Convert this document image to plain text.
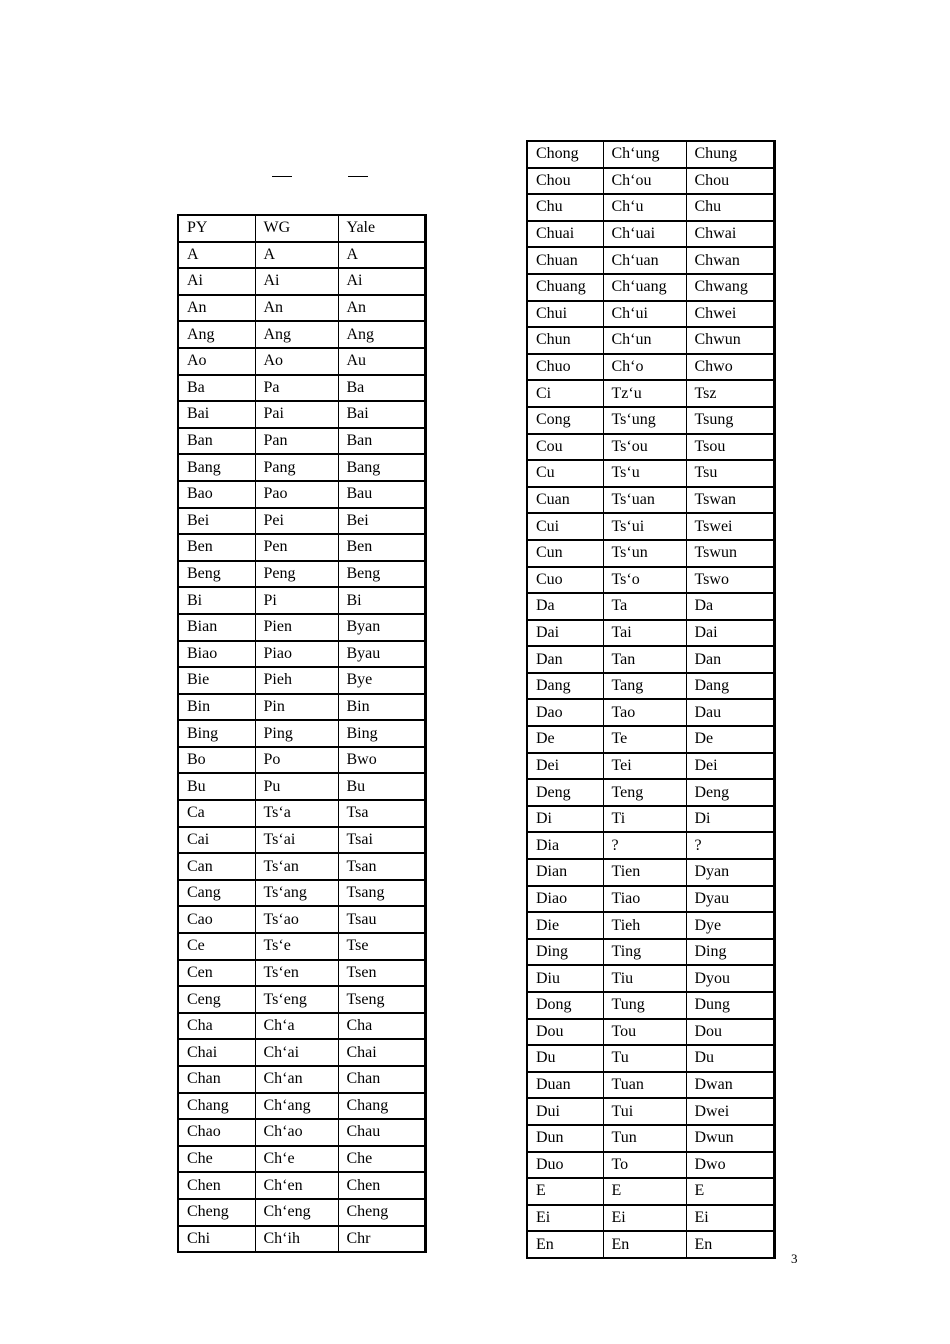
PY	WG	Yale
A	A	A
Ai	Ai	Ai
An	An	An
Ang	Ang	Ang
Ao	Ao	Au
Ba	Pa	Ba
Bai	Pai	Bai
Ban	Pan	Ban
Bang	Pang	Bang
Bao	Pao	Bau
Bei	Pei	Bei
Ben	Pen	Ben
Beng	Peng	Beng
Bi	Pi	Bi
Bian	Pien	Byan
Biao	Piao	Byau
Bie	Pieh	Bye
Bin	Pin	Bin
Bing	Ping	Bing
Bo	Po	Bwo
Bu	Pu	Bu
Ca	Ts‘a	Tsa
Cai	Ts‘ai	Tsai
Can	Ts‘an	Tsan
Cang	Ts‘ang	Tsang
Cao	Ts‘ao	Tsau
Ce	Ts‘e	Tse
Cen	Ts‘en	Tsen
Ceng	Ts‘eng	Tseng
Cha	Ch‘a	Cha
Chai	Ch‘ai	Chai
Chan	Ch‘an	Chan
Chang	Ch‘ang	Chang
Chao	Ch‘ao	Chau
Che	Ch‘e	Che
Chen	Ch‘en	Chen
Cheng	Ch‘eng	Cheng
Chi	Ch‘ih	Chr
Chong	Ch‘ung	Chung
Chou	Ch‘ou	Chou
Chu	Ch‘u	Chu
Chuai	Ch‘uai	Chwai
Chuan	Ch‘uan	Chwan
Chuang	Ch‘uang	Chwang
Chui	Ch‘ui	Chwei
Chun	Ch‘un	Chwun
Chuo	Ch‘o	Chwo
Ci	Tz‘u	Tsz
Cong	Ts‘ung	Tsung
Cou	Ts‘ou	Tsou
Cu	Ts‘u	Tsu
Cuan	Ts‘uan	Tswan
Cui	Ts‘ui	Tswei
Cun	Ts‘un	Tswun
Cuo	Ts‘o	Tswo
Da	Ta	Da
Dai	Tai	Dai
Dan	Tan	Dan
Dang	Tang	Dang
Dao	Tao	Dau
De	Te	De
Dei	Tei	Dei
Deng	Teng	Deng
Di	Ti	Di
Dia	?	?
Dian	Tien	Dyan
Diao	Tiao	Dyau
Die	Tieh	Dye
Ding	Ting	Ding
Diu	Tiu	Dyou
Dong	Tung	Dung
Dou	Tou	Dou
Du	Tu	Du
Duan	Tuan	Dwan
Dui	Tui	Dwei
Dun	Tun	Dwun
Duo	To	Dwo
E	E	E
Ei	Ei	Ei
En	En	En
3
